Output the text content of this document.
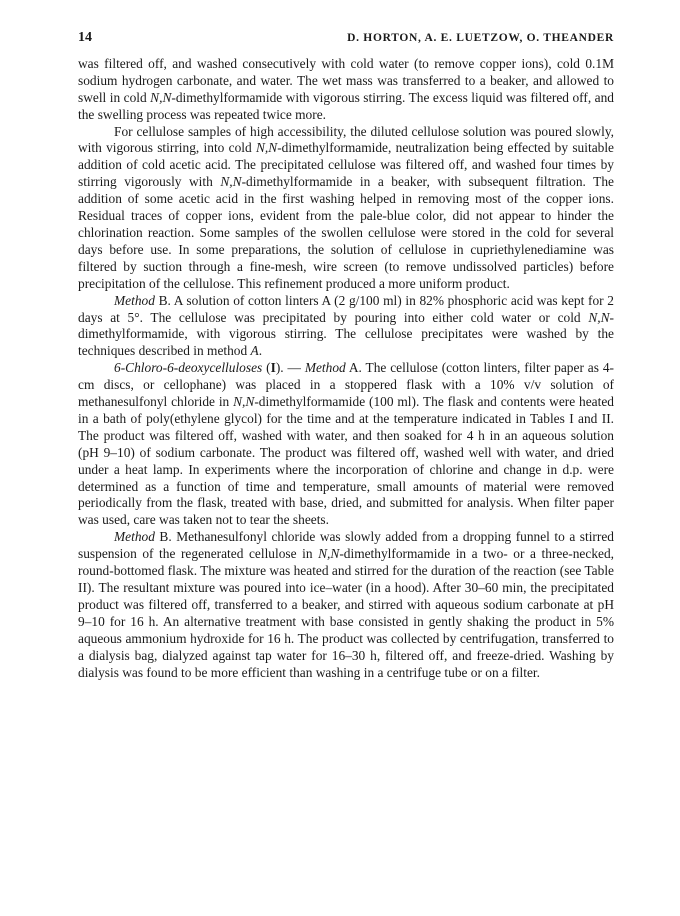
14	D. HORTON, A. E. LUETZOW, O. THEANDER

was filtered off, and washed consecutively with cold water (to remove copper ions), cold 0.1M sodium hydrogen carbonate, and water. The wet mass was transferred to a beaker, and allowed to swell in cold N,N-dimethylformamide with vigorous stirring. The excess liquid was filtered off, and the swelling process was repeated twice more.

For cellulose samples of high accessibility, the diluted cellulose solution was poured slowly, with vigorous stirring, into cold N,N-dimethylformamide, neutralization being effected by suitable addition of cold acetic acid. The precipitated cellulose was filtered off, and washed four times by stirring vigorously with N,N-dimethylformamide in a beaker, with subsequent filtration. The addition of some acetic acid in the first washing helped in removing most of the copper ions. Residual traces of copper ions, evident from the pale-blue color, did not appear to hinder the chlorination reaction. Some samples of the swollen cellulose were stored in the cold for several days before use. In some preparations, the solution of cellulose in cupriethylenediamine was filtered by suction through a fine-mesh, wire screen (to remove undissolved particles) before precipitation of the cellulose. This refinement produced a more uniform product.

Method B. A solution of cotton linters A (2 g/100 ml) in 82% phosphoric acid was kept for 2 days at 5°. The cellulose was precipitated by pouring into either cold water or cold N,N-dimethylformamide, with vigorous stirring. The cellulose precipitates were washed by the techniques described in method A.

6-Chloro-6-deoxycelluloses (I). — Method A. The cellulose (cotton linters, filter paper as 4-cm discs, or cellophane) was placed in a stoppered flask with a 10% v/v solution of methanesulfonyl chloride in N,N-dimethylformamide (100 ml). The flask and contents were heated in a bath of poly(ethylene glycol) for the time and at the temperature indicated in Tables I and II. The product was filtered off, washed with water, and then soaked for 4 h in an aqueous solution (pH 9–10) of sodium carbonate. The product was filtered off, washed well with water, and dried under a heat lamp. In experiments where the incorporation of chlorine and change in d.p. were determined as a function of time and temperature, small amounts of material were removed periodically from the flask, treated with base, dried, and submitted for analysis. When filter paper was used, care was taken not to tear the sheets.

Method B. Methanesulfonyl chloride was slowly added from a dropping funnel to a stirred suspension of the regenerated cellulose in N,N-dimethylformamide in a two- or a three-necked, round-bottomed flask. The mixture was heated and stirred for the duration of the reaction (see Table II). The resultant mixture was poured into ice–water (in a hood). After 30–60 min, the precipitated product was filtered off, transferred to a beaker, and stirred with aqueous sodium carbonate at pH 9–10 for 16 h. An alternative treatment with base consisted in gently shaking the product in 5% aqueous ammonium hydroxide for 16 h. The product was collected by centrifugation, transferred to a dialysis bag, dialyzed against tap water for 16–30 h, filtered off, and freeze-dried. Washing by dialysis was found to be more efficient than washing in a centrifuge tube or on a filter.
